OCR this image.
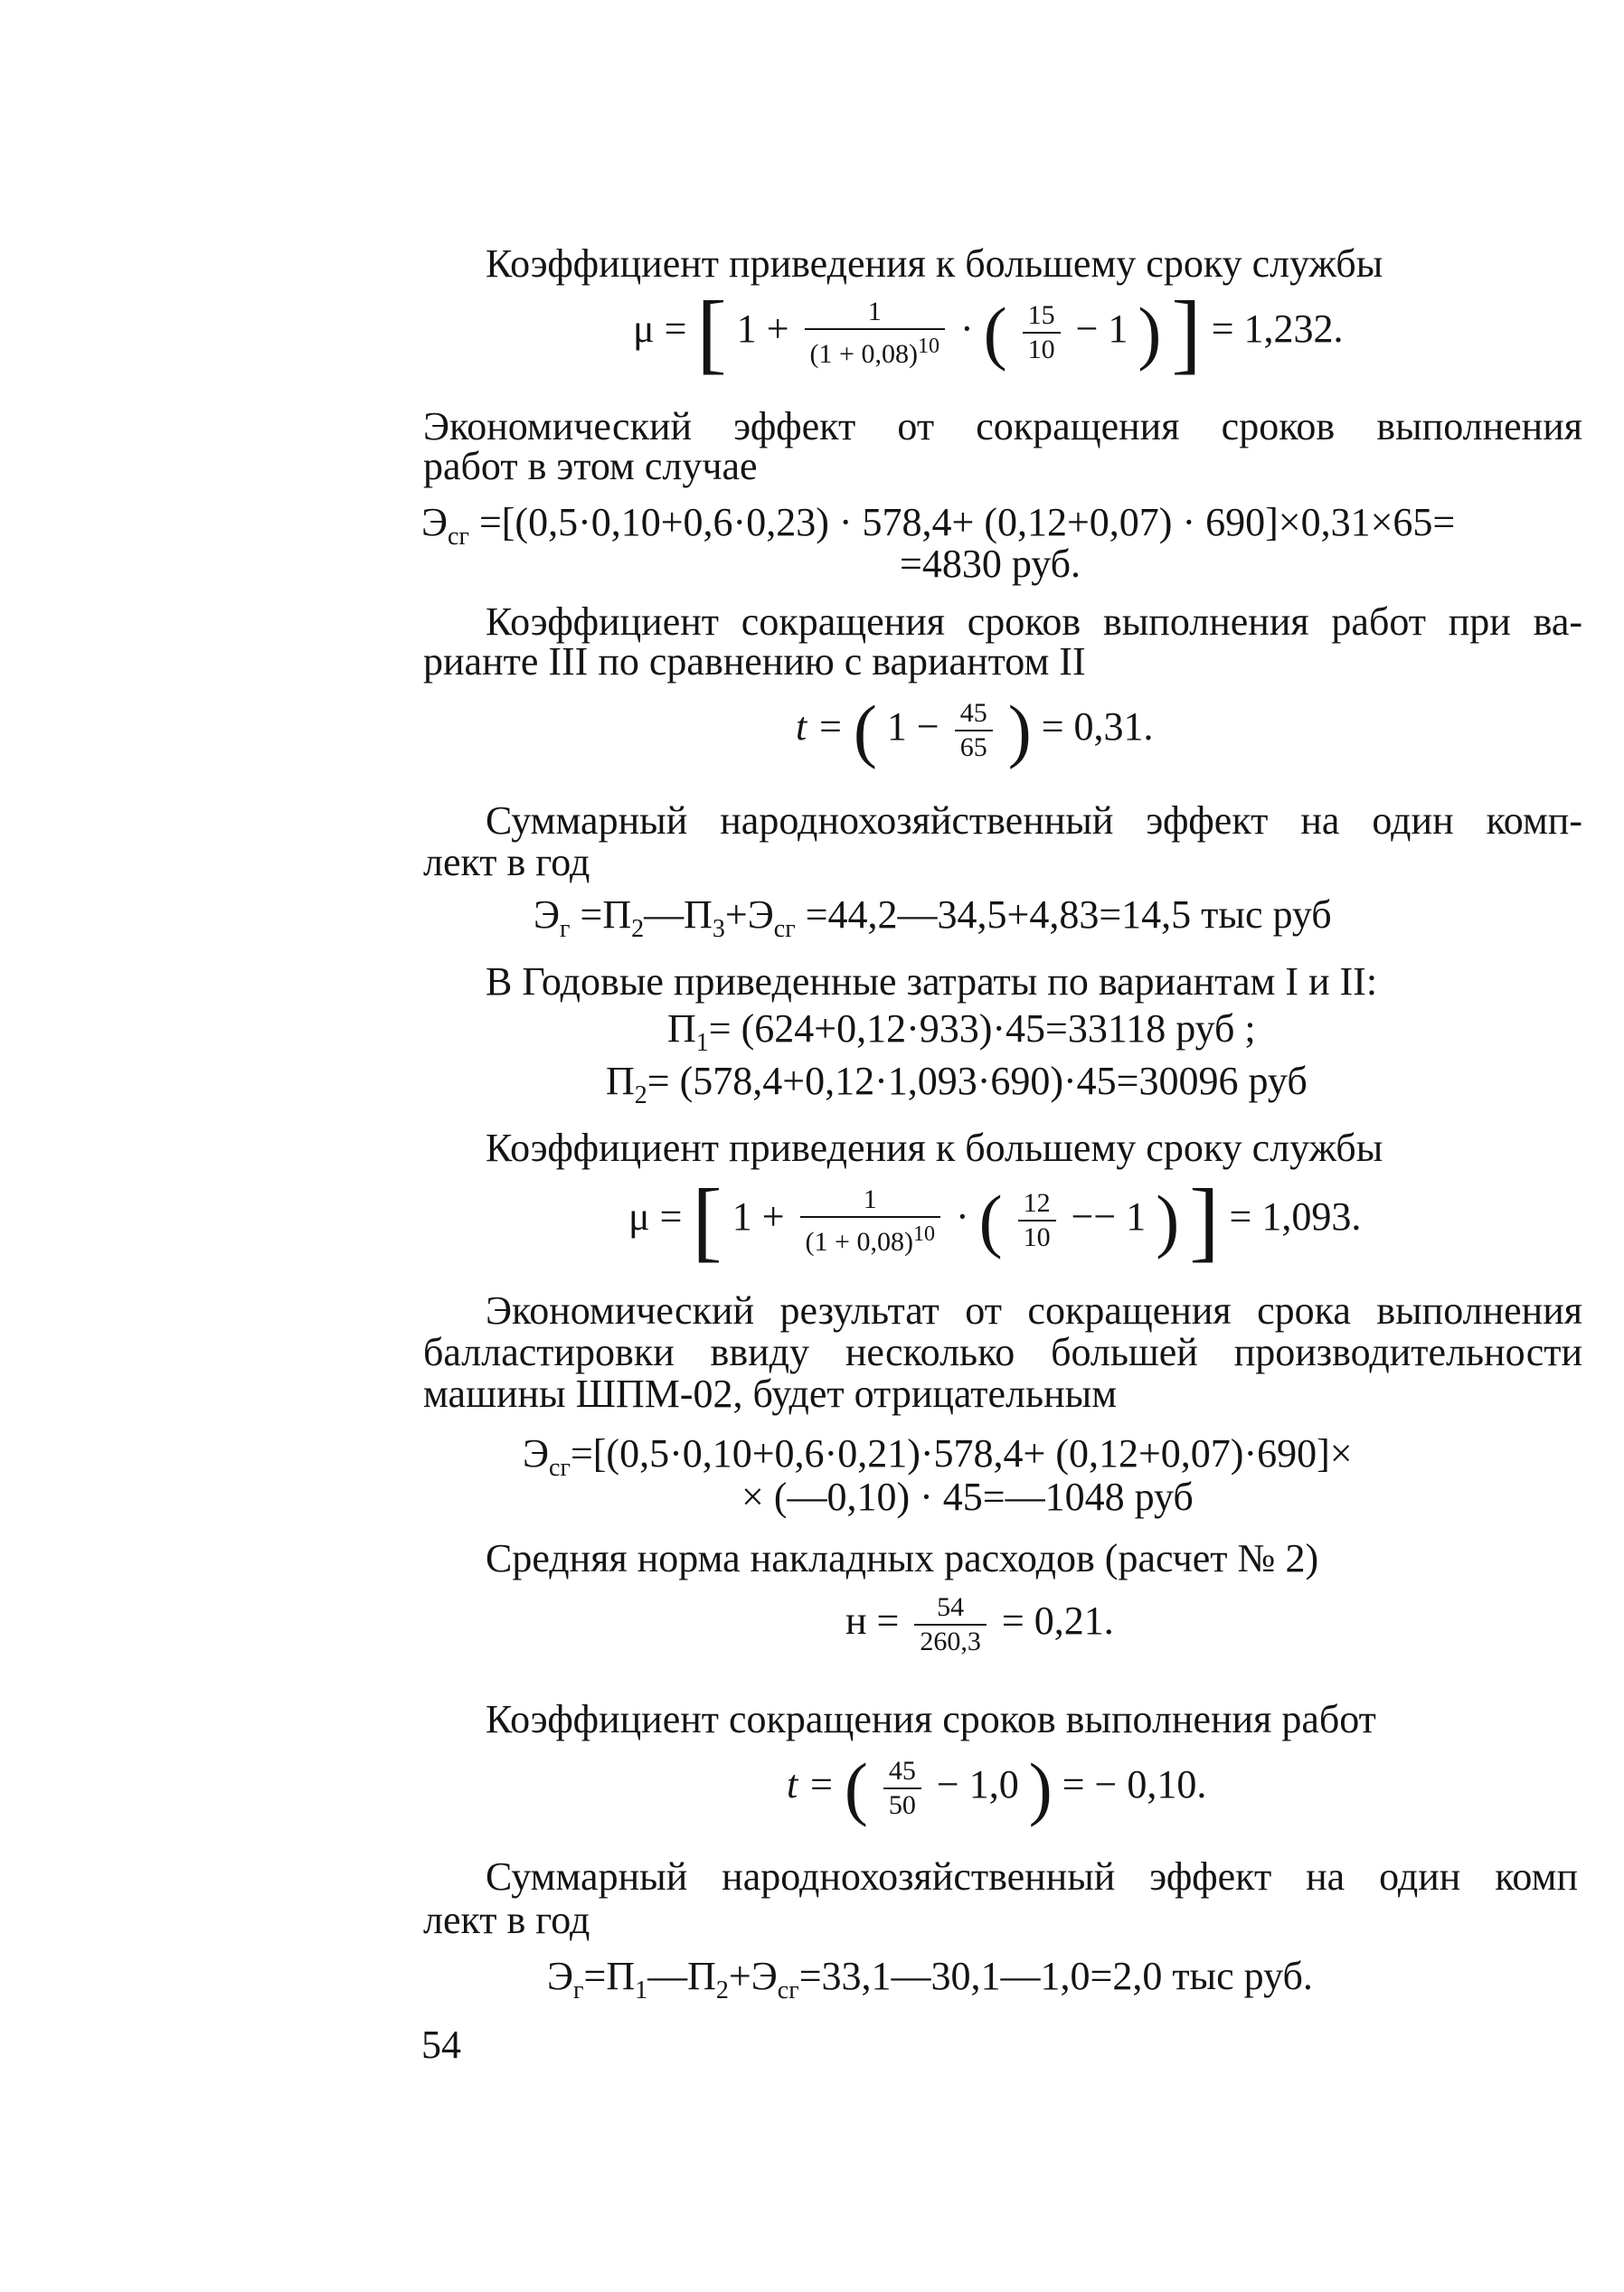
Коэффициент приведения к большему сроку службы
μ = [ $1 + \frac{1}{(1 + 0,08)^{10}}$ · ( $\frac{15}{10} - 1$ ) ] = 1,232.
Экономический эффект от сокращения сроков выполнения
работ в этом случае
$Э_{сг} =[(0,5\cdot 0,10+0,6\cdot 0,23) \cdot 578,4+ (0,12+0,07) \cdot 690]\times 0,31\times 65=$
=4830 руб.
Коэффициент сокращения сроков выполнения работ при ва-
рианте III по сравнению с вариантом II
t = ( $1 - \frac{45}{65}$ ) = 0,31.
Суммарный народнохозяйственный эффект на один комп-
лект в год
$Э_г$ $=П_2—П_3+Э_{сг}$ =44,2—34,5+4,83=14,5 тыс руб
В Годовые приведенные затраты по вариантам I и II:
$П_1= (624+0,12\cdot 933)\cdot 45=33118$ руб ;
$П_2= (578,4+0,12\cdot 1,093\cdot 690)\cdot 45=30096$ руб
Коэффициент приведения к большему сроку службы
μ = [ $1 + \frac{1}{(1 + 0,08)^{10}}$ · ( $\frac{12}{10} -- 1$ ) ] = 1,093.
Экономический результат от сокращения срока выполнения
балластировки ввиду несколько большей производительности
машины ШПМ-02, будет отрицательным
$Э_{сг}=[(0,5\cdot 0,10+0,6\cdot 0,21)\cdot 578,4+ (0,12+0,07)\cdot 690]\times$
× (—0,10) · 45=—1048 руб
Средняя норма накладных расходов (расчет № 2)
$н = \frac{54}{260,3} = 0,21$.
Коэффициент сокращения сроков выполнения работ
t = ( $\frac{45}{50} - 1,0$ ) = − 0,10.
Суммарный народнохозяйственный эффект на один комп
лект в год
$Э_г=П_1—П_2+Э_{сг}=33,1—30,1—1,0=2,0$ тыс руб.
54
